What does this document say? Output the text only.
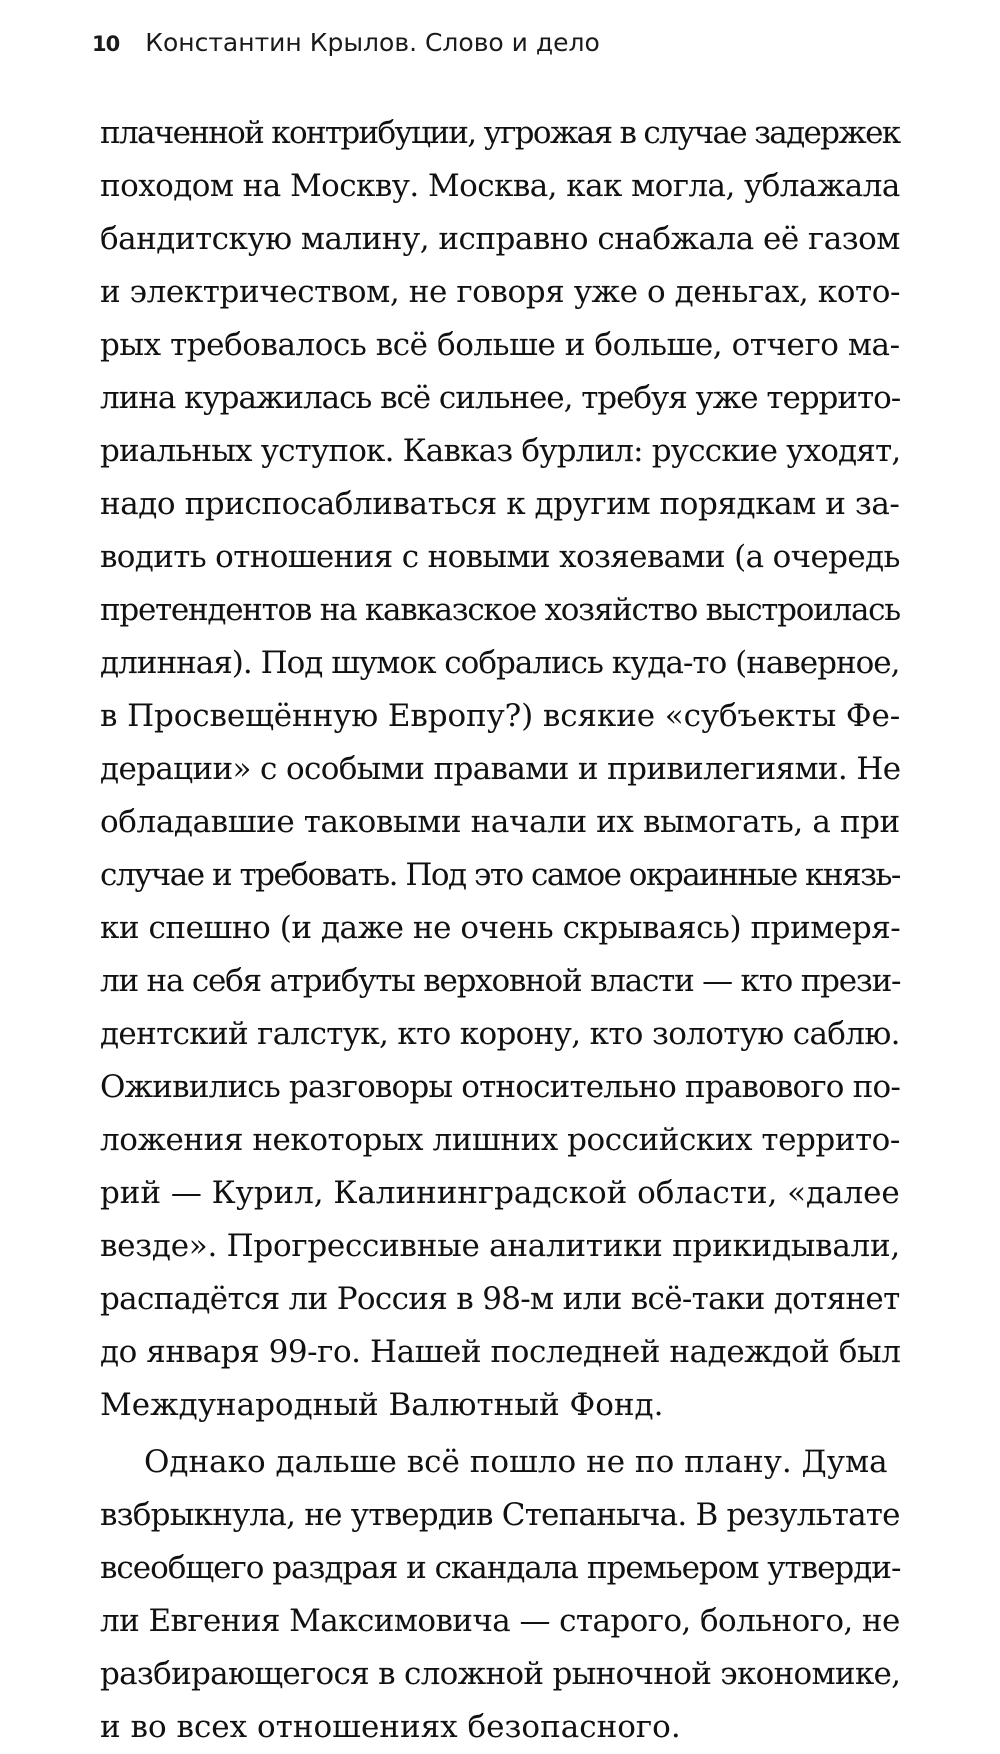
10 Константин Крылов. Слово и дело
плаченной контрибуции, угрожая в случае задержек
походом на Москву. Москва, как могла, ублажала
бандитскую малину, исправно снабжала её газом
и электричеством, не говоря уже о деньгах, кото-
рых требовалось всё больше и больше, отчего ма-
лина куражилась всё сильнее, требуя уже террито-
риальных уступок. Кавказ бурлил: русские уходят,
надо приспосабливаться к другим порядкам и за-
водить отношения с новыми хозяевами (а очередь
претендентов на кавказское хозяйство выстроилась
длинная). Под шумок собрались куда-то (наверное,
в Просвещённую Европу?) всякие «субъекты Фе-
дерации» с особыми правами и привилегиями. Не
обладавшие таковыми начали их вымогать, а при
случае и требовать. Под это самое окраинные князь-
ки спешно (и даже не очень скрываясь) примеря-
ли на себя атрибуты верховной власти — кто прези-
дентский галстук, кто корону, кто золотую саблю.
Оживились разговоры относительно правового по-
ложения некоторых лишних российских террито-
рий — Курил, Калининградской области, «далее
везде». Прогрессивные аналитики прикидывали,
распадётся ли Россия в 98-м или всё-таки дотянет
до января 99-го. Нашей последней надеждой был
Международный Валютный Фонд.
Однако дальше всё пошло не по плану. Дума
взбрыкнула, не утвердив Степаныча. В результате
всеобщего раздрая и скандала премьером утверди-
ли Евгения Максимовича — старого, больного, не
разбирающегося в сложной рыночной экономике,
и во всех отношениях безопасного.
